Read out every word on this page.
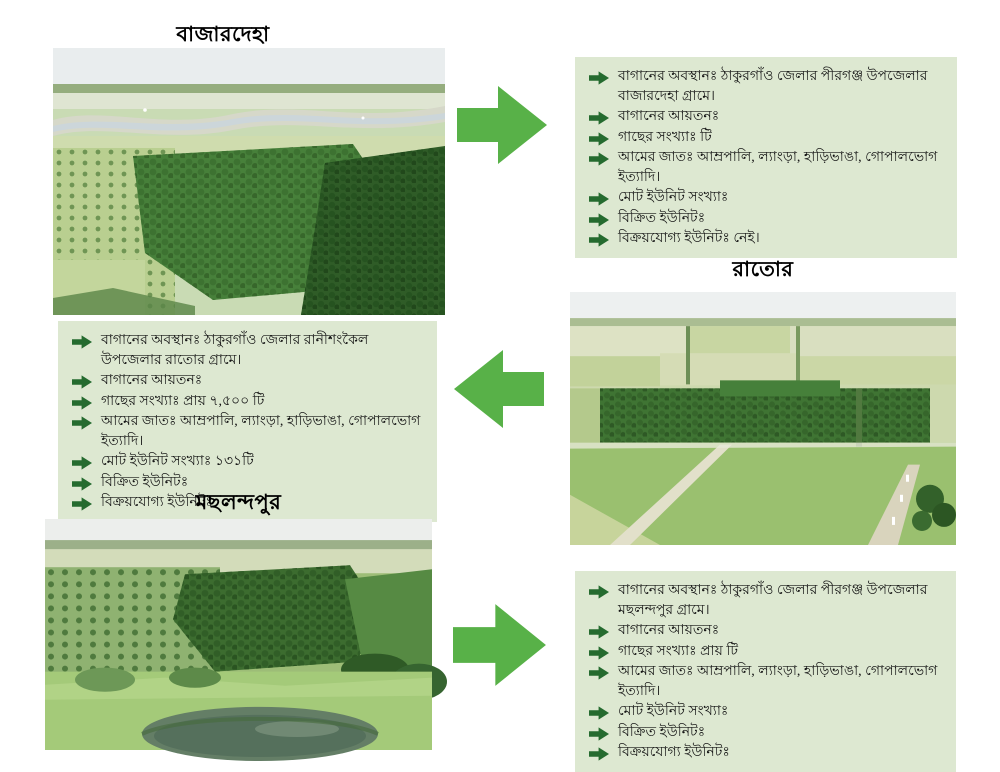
বাজারদেহা
বাগানের অবস্থানঃ ঠাকুরগাঁও জেলার পীরগঞ্জ উপজেলার বাজারদেহা গ্রামে।
বাগানের আয়তনঃ
গাছের সংখ্যাঃ টি
আমের জাতঃ আম্রপালি, ল্যাংড়া, হাড়িভাঙা, গোপালভোগ ইত্যাদি।
মোট ইউনিট সংখ্যাঃ
বিক্রিত ইউনিটঃ
বিক্রয়যোগ্য ইউনিটঃ নেই।
রাতোর
বাগানের অবস্থানঃ ঠাকুরগাঁও জেলার রানীশংকৈল উপজেলার রাতোর গ্রামে।
বাগানের আয়তনঃ
গাছের সংখ্যাঃ প্রায় ৭,৫০০ টি
আমের জাতঃ আম্রপালি, ল্যাংড়া, হাড়িভাঙা, গোপালভোগ ইত্যাদি।
মোট ইউনিট সংখ্যাঃ ১৩১টি
বিক্রিত ইউনিটঃ
বিক্রয়যোগ্য ইউনিটঃ
মছলন্দপুর
বাগানের অবস্থানঃ ঠাকুরগাঁও জেলার পীরগঞ্জ উপজেলার মছলন্দপুর গ্রামে।
বাগানের আয়তনঃ
গাছের সংখ্যাঃ প্রায় টি
আমের জাতঃ আম্রপালি, ল্যাংড়া, হাড়িভাঙা, গোপালভোগ ইত্যাদি।
মোট ইউনিট সংখ্যাঃ
বিক্রিত ইউনিটঃ
বিক্রয়যোগ্য ইউনিটঃ
